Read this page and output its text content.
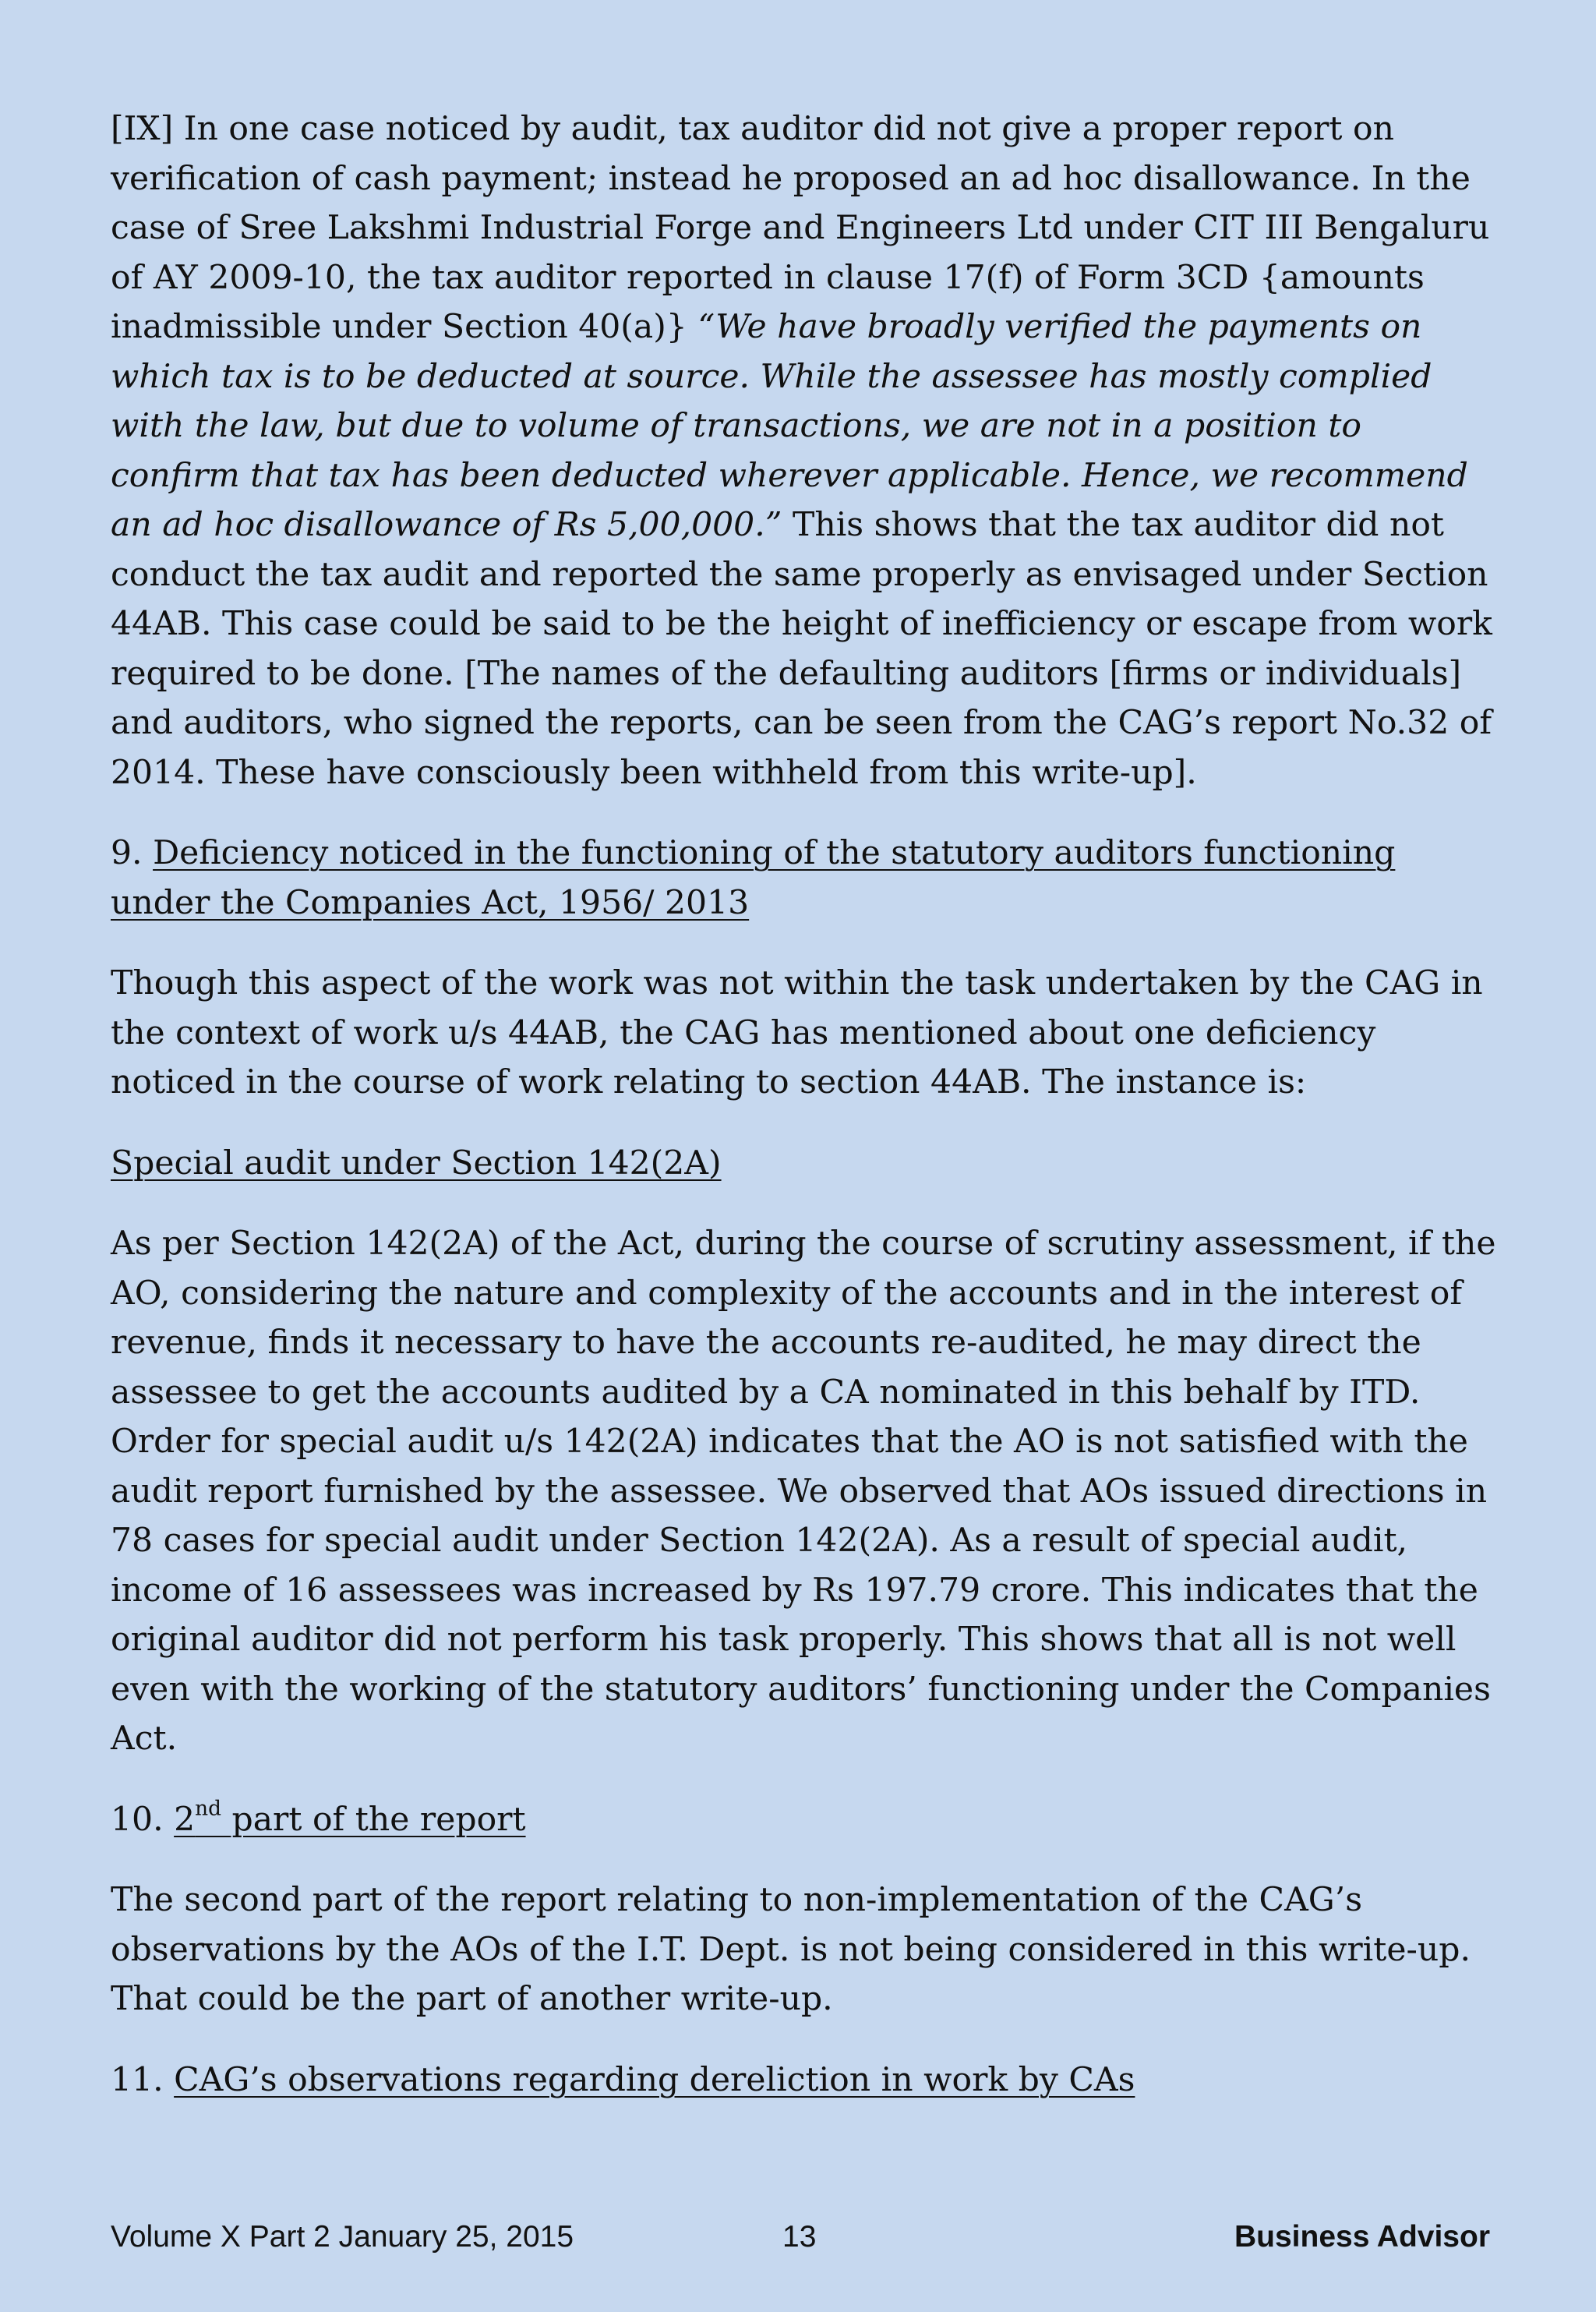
[IX] In one case noticed by audit, tax auditor did not give a proper report on verification of cash payment; instead he proposed an ad hoc disallowance. In the case of Sree Lakshmi Industrial Forge and Engineers Ltd under CIT III Bengaluru of AY 2009-10, the tax auditor reported in clause 17(f) of Form 3CD {amounts inadmissible under Section 40(a)} “We have broadly verified the payments on which tax is to be deducted at source. While the assessee has mostly complied with the law, but due to volume of transactions, we are not in a position to confirm that tax has been deducted wherever applicable. Hence, we recommend an ad hoc disallowance of Rs 5,00,000.” This shows that the tax auditor did not conduct the tax audit and reported the same properly as envisaged under Section 44AB. This case could be said to be the height of inefficiency or escape from work required to be done. [The names of the defaulting auditors [firms or individuals] and auditors, who signed the reports, can be seen from the CAG’s report No.32 of 2014. These have consciously been withheld from this write-up].

9. Deficiency noticed in the functioning of the statutory auditors functioning under the Companies Act, 1956/ 2013

Though this aspect of the work was not within the task undertaken by the CAG in the context of work u/s 44AB, the CAG has mentioned about one deficiency noticed in the course of work relating to section 44AB. The instance is:

Special audit under Section 142(2A)

As per Section 142(2A) of the Act, during the course of scrutiny assessment, if the AO, considering the nature and complexity of the accounts and in the interest of revenue, finds it necessary to have the accounts re-audited, he may direct the assessee to get the accounts audited by a CA nominated in this behalf by ITD. Order for special audit u/s 142(2A) indicates that the AO is not satisfied with the audit report furnished by the assessee. We observed that AOs issued directions in 78 cases for special audit under Section 142(2A). As a result of special audit, income of 16 assessees was increased by Rs 197.79 crore. This indicates that the original auditor did not perform his task properly. This shows that all is not well even with the working of the statutory auditors’ functioning under the Companies Act.

10. 2nd part of the report

The second part of the report relating to non-implementation of the CAG’s observations by the AOs of the I.T. Dept. is not being considered in this write-up. That could be the part of another write-up.

11. CAG’s observations regarding dereliction in work by CAs

Volume X Part 2 January 25, 2015	13	Business Advisor
